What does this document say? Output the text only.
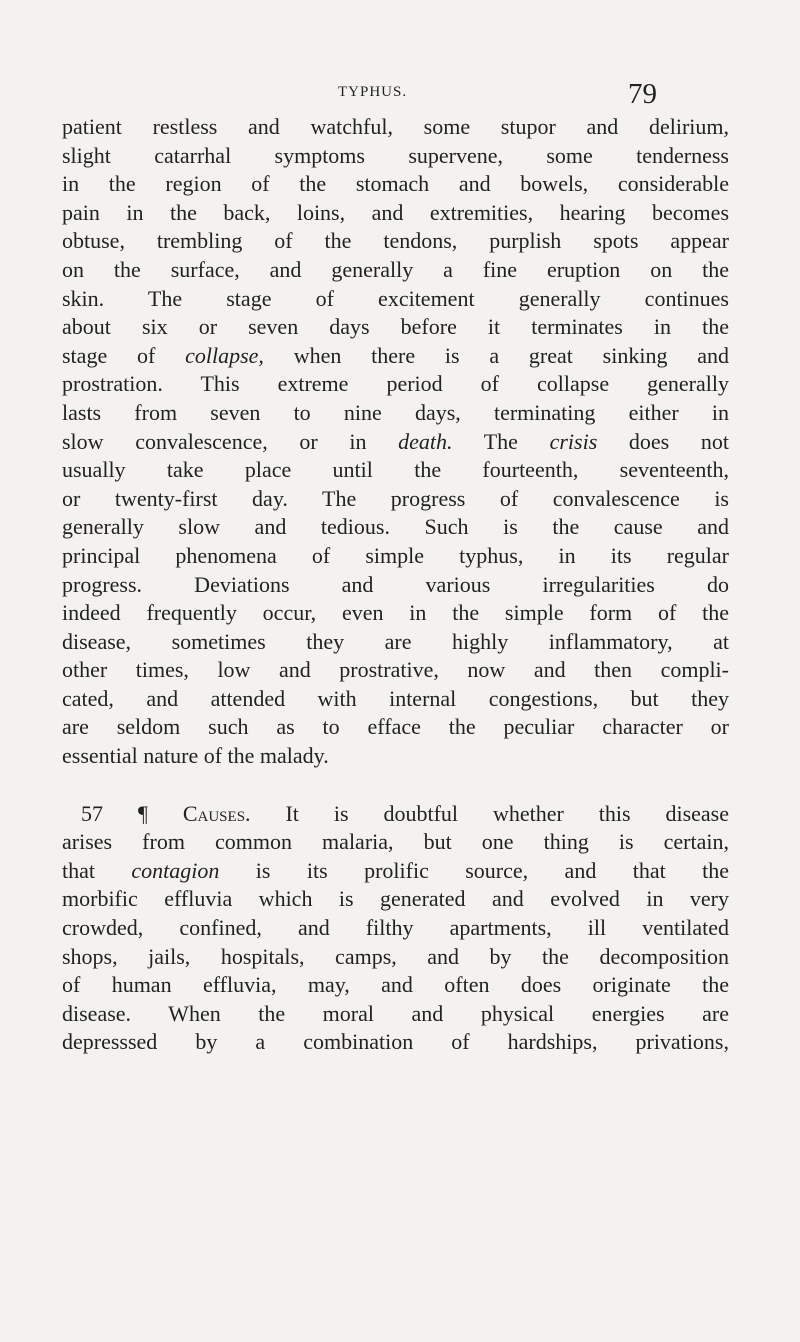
TYPHUS.	79
patient restless and watchful, some stupor and delirium,
slight catarrhal symptoms supervene, some tenderness
in the region of the stomach and bowels, considerable
pain in the back, loins, and extremities, hearing becomes
obtuse, trembling of the tendons, purplish spots appear
on the surface, and generally a fine eruption on the
skin. The stage of excitement generally continues
about six or seven days before it terminates in the
stage of collapse, when there is a great sinking and
prostration. This extreme period of collapse generally
lasts from seven to nine days, terminating either in
slow convalescence, or in death. The crisis does not
usually take place until the fourteenth, seventeenth,
or twenty-first day. The progress of convalescence is
generally slow and tedious. Such is the cause and
principal phenomena of simple typhus, in its regular
progress. Deviations and various irregularities do
indeed frequently occur, even in the simple form of the
disease, sometimes they are highly inflammatory, at
other times, low and prostrative, now and then compli-
cated, and attended with internal congestions, but they
are seldom such as to efface the peculiar character or
essential nature of the malady.
57 ¶ Causes. It is doubtful whether this disease
arises from common malaria, but one thing is certain,
that contagion is its prolific source, and that the
morbific effluvia which is generated and evolved in very
crowded, confined, and filthy apartments, ill ventilated
shops, jails, hospitals, camps, and by the decomposition
of human effluvia, may, and often does originate the
disease. When the moral and physical energies are
depresssed by a combination of hardships, privations,
